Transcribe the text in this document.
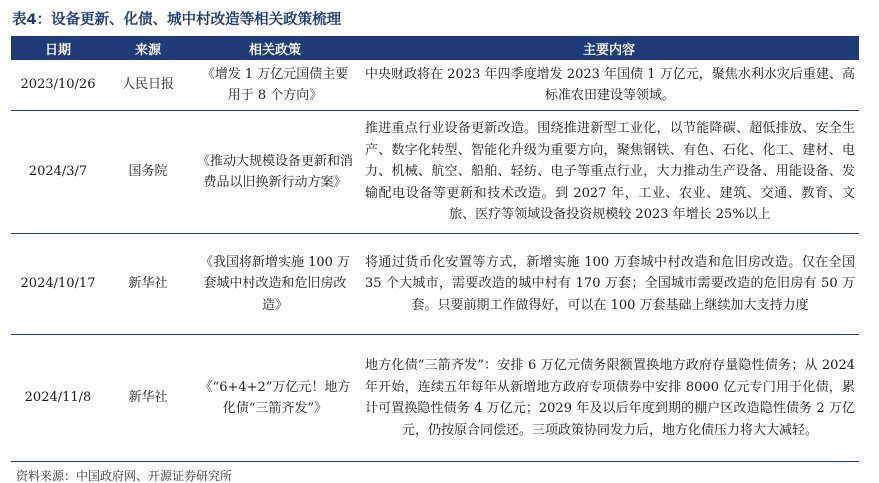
表4：设备更新、化债、城中村改造等相关政策梳理
日期	来源	相关政策	主要内容
2023/10/26	人民日报	《增发 1 万亿元国债主要用于 8 个方向》	中央财政将在 2023 年四季度增发 2023 年国债 1 万亿元，聚焦水利水灾后重建、高标准农田建设等领域。
2024/3/7	国务院	《推动大规模设备更新和消费品以旧换新行动方案》	推进重点行业设备更新改造。围绕推进新型工业化，以节能降碳、超低排放、安全生产、数字化转型、智能化升级为重要方向，聚焦钢铁、有色、石化、化工、建材、电力、机械、航空、船舶、轻纺、电子等重点行业，大力推动生产设备、用能设备、发输配电设备等更新和技术改造。到 2027 年，工业、农业、建筑、交通、教育、文旅、医疗等领域设备投资规模较 2023 年增长 25%以上
2024/10/17	新华社	《我国将新增实施 100 万套城中村改造和危旧房改造》	将通过货币化安置等方式，新增实施 100 万套城中村改造和危旧房改造。仅在全国 35 个大城市，需要改造的城中村有 170 万套；全国城市需要改造的危旧房有 50 万套。只要前期工作做得好，可以在 100 万套基础上继续加大支持力度
2024/11/8	新华社	《“6+4+2”万亿元！地方化债“三箭齐发”》	地方化债“三箭齐发”：安排 6 万亿元债务限额置换地方政府存量隐性债务；从 2024 年开始，连续五年每年从新增地方政府专项债券中安排 8000 亿元专门用于化债，累计可置换隐性债务 4 万亿元；2029 年及以后年度到期的棚户区改造隐性债务 2 万亿元，仍按原合同偿还。三项政策协同发力后，地方化债压力将大大减轻。
资料来源：中国政府网、开源证券研究所
